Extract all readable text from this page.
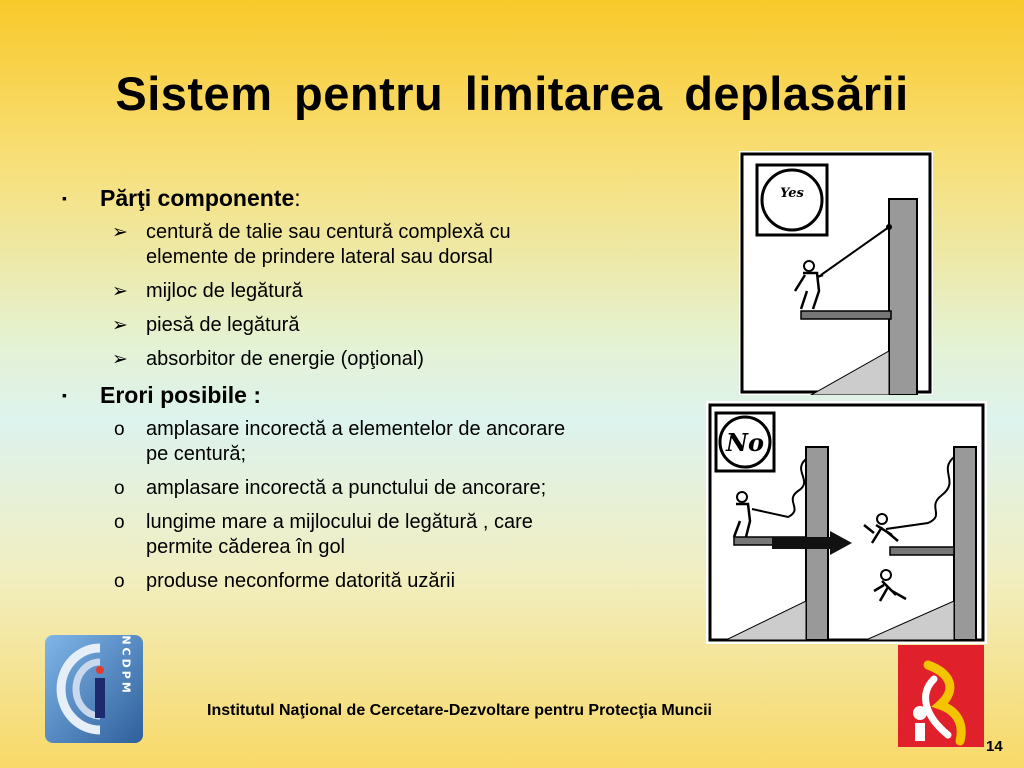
Sistem pentru limitarea deplasării
▪ Părţi componente:
➢ centură de talie sau centură complexă cu
elemente de prindere lateral sau dorsal
➢ mijloc de legătură
➢ piesă de legătură
➢ absorbitor de energie (opţional)
▪ Erori posibile :
o amplasare incorectă a elementelor de ancorare
pe centură;
o amplasare incorectă a punctului de ancorare;
o lungime mare a mijlocului de legătură , care
permite căderea în gol
o produse neconforme datorită uzării
Yes
No
INCDPM
Institutul Naţional de Cercetare-Dezvoltare pentru Protecţia Muncii
14
